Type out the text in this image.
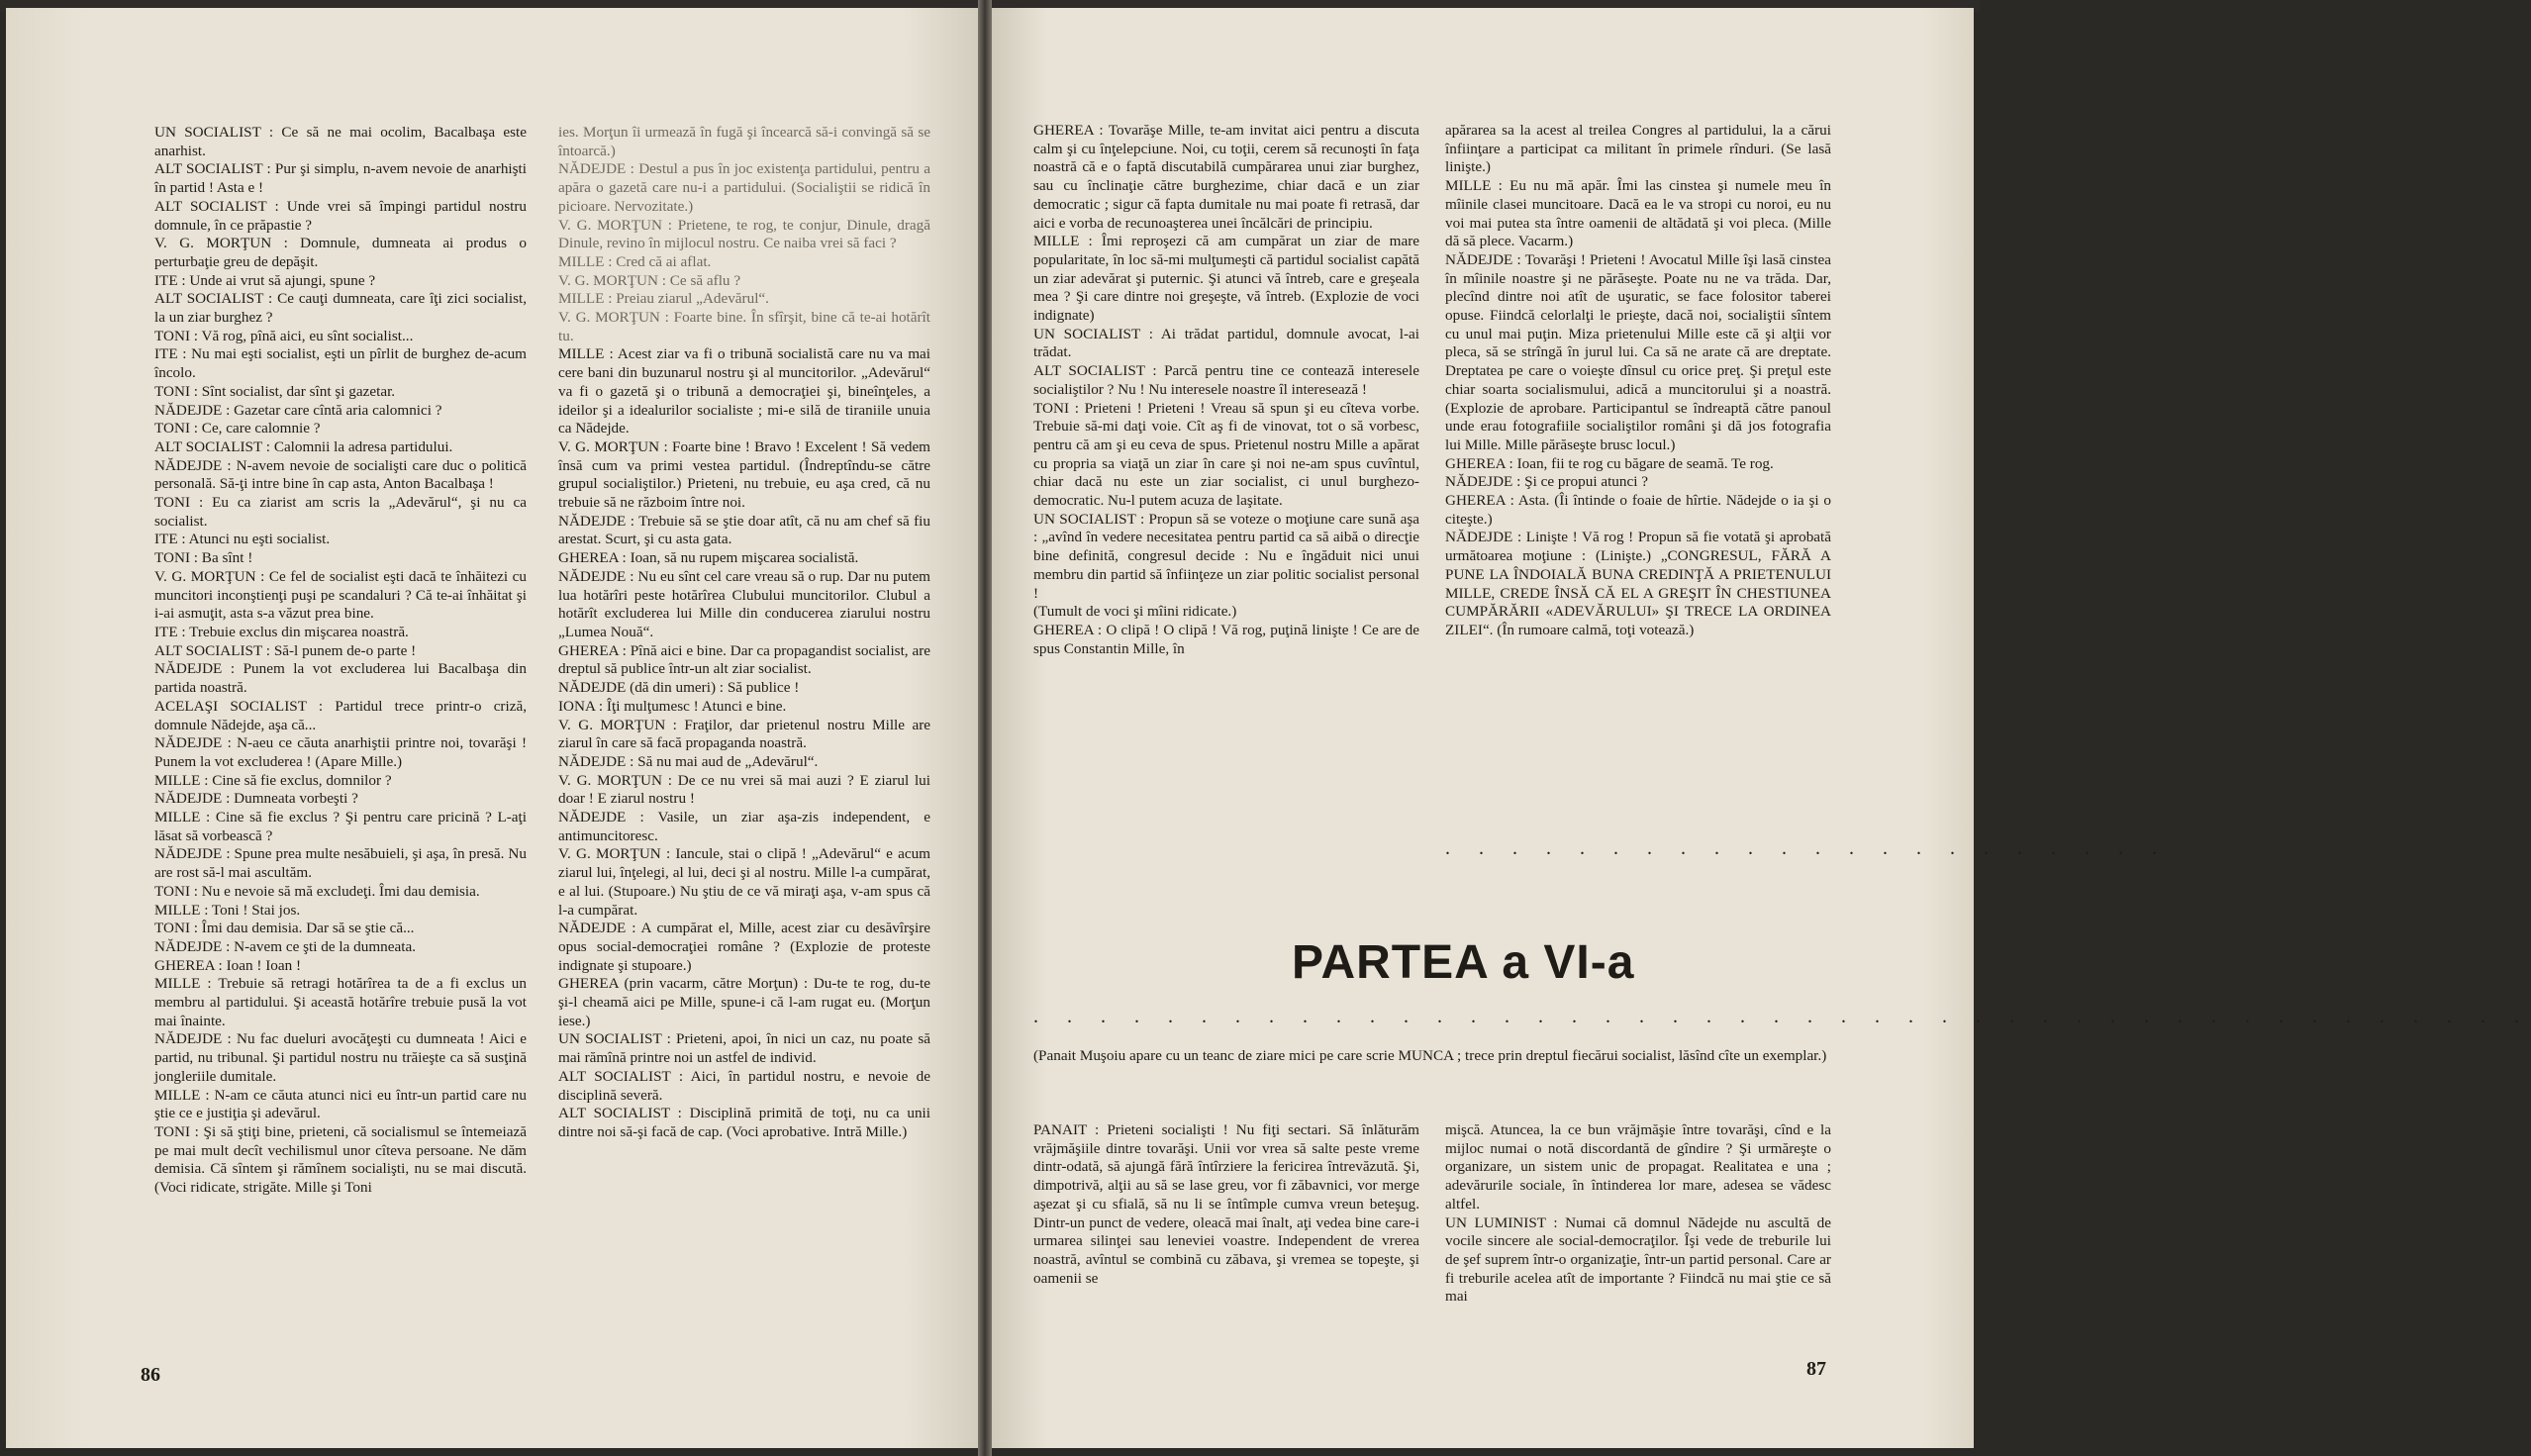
UN SOCIALIST : Ce să ne mai ocolim, Bacalbaşa este anarhist.

ALT SOCIALIST : Pur şi simplu, n-avem nevoie de anarhişti în partid ! Asta e !

ALT SOCIALIST : Unde vrei să împingi partidul nostru domnule, în ce prăpastie ?

V. G. MORŢUN : Domnule, dumneata ai produs o perturbaţie greu de depăşit.

ITE : Unde ai vrut să ajungi, spune ?

ALT SOCIALIST : Ce cauţi dumneata, care îţi zici socialist, la un ziar burghez ?

TONI : Vă rog, pînă aici, eu sînt socialist...

ITE : Nu mai eşti socialist, eşti un pîrlit de burghez de-acum încolo.

TONI : Sînt socialist, dar sînt şi gazetar.

NĂDEJDE : Gazetar care cîntă aria calomnici ?

TONI : Ce, care calomnie ?

ALT SOCIALIST : Calomnii la adresa partidului.

NĂDEJDE : N-avem nevoie de socialişti care duc o politică personală. Să-ţi intre bine în cap asta, Anton Bacalbaşa !

TONI : Eu ca ziarist am scris la „Adevărul“, şi nu ca socialist.

ITE : Atunci nu eşti socialist.

TONI : Ba sînt !

V. G. MORŢUN : Ce fel de socialist eşti dacă te înhăitezi cu muncitori inconştienţi puşi pe scandaluri ? Că te-ai înhăitat şi i-ai asmuţit, asta s-a văzut prea bine.

ITE : Trebuie exclus din mişcarea noastră.

ALT SOCIALIST : Să-l punem de-o parte !

NĂDEJDE : Punem la vot excluderea lui Bacalbaşa din partida noastră.

ACELAŞI SOCIALIST : Partidul trece printr-o criză, domnule Nădejde, aşa că...

NĂDEJDE : N-aeu ce căuta anarhiştii printre noi, tovarăşi ! Punem la vot excluderea ! (Apare Mille.)

MILLE : Cine să fie exclus, domnilor ?

NĂDEJDE : Dumneata vorbeşti ?

MILLE : Cine să fie exclus ? Şi pentru care pricină ? L-aţi lăsat să vorbească ?

NĂDEJDE : Spune prea multe nesăbuieli, şi aşa, în presă. Nu are rost să-l mai ascultăm.

TONI : Nu e nevoie să mă excludeţi. Îmi dau demisia.

MILLE : Toni ! Stai jos.

TONI : Îmi dau demisia. Dar să se ştie că...

NĂDEJDE : N-avem ce şti de la dumneata.

GHEREA : Ioan ! Ioan !

MILLE : Trebuie să retragi hotărîrea ta de a fi exclus un membru al partidului. Şi această hotărîre trebuie pusă la vot mai înainte.

NĂDEJDE : Nu fac dueluri avocăţeşti cu dumneata ! Aici e partid, nu tribunal. Şi partidul nostru nu trăieşte ca să susţină jongleriile dumitale.

MILLE : N-am ce căuta atunci nici eu într-un partid care nu ştie ce e justiţia şi adevărul.

TONI : Şi să ştiţi bine, prieteni, că socialismul se întemeiază pe mai mult decît vechilismul unor cîteva persoane. Ne dăm demisia. Că sîntem şi rămînem socialişti, nu se mai discută. (Voci ridicate, strigăte. Mille şi Toni

ies. Morţun îi urmează în fugă şi încearcă să-i convingă să se întoarcă.)

NĂDEJDE : Destul a pus în joc existenţa partidului, pentru a apăra o gazetă care nu-i a partidului. (Socialiştii se ridică în picioare. Nervozitate.)

V. G. MORŢUN : Prietene, te rog, te conjur, Dinule, dragă Dinule, revino în mijlocul nostru. Ce naiba vrei să faci ?

MILLE : Cred că ai aflat.

V. G. MORŢUN : Ce să aflu ?

MILLE : Preiau ziarul „Adevărul“.

V. G. MORŢUN : Foarte bine. În sfîrşit, bine că te-ai hotărît tu.

MILLE : Acest ziar va fi o tribună socialistă care nu va mai cere bani din buzunarul nostru şi al muncitorilor. „Adevărul“ va fi o gazetă şi o tribună a democraţiei şi, bineînţeles, a ideilor şi a idealurilor socialiste ; mi-e silă de tiraniile unuia ca Nădejde.

V. G. MORŢUN : Foarte bine ! Bravo ! Excelent ! Să vedem însă cum va primi vestea partidul. (Îndreptîndu-se către grupul socialiştilor.) Prieteni, nu trebuie, eu aşa cred, că nu trebuie să ne războim între noi.

NĂDEJDE : Trebuie să se ştie doar atît, că nu am chef să fiu arestat. Scurt, şi cu asta gata.

GHEREA : Ioan, să nu rupem mişcarea socialistă.

NĂDEJDE : Nu eu sînt cel care vreau să o rup. Dar nu putem lua hotărîri peste hotărîrea Clubului muncitorilor. Clubul a hotărît excluderea lui Mille din conducerea ziarului nostru „Lumea Nouă“.

GHEREA : Pînă aici e bine. Dar ca propagandist socialist, are dreptul să publice într-un alt ziar socialist.

NĂDEJDE (dă din umeri) : Să publice !

IONA : Îţi mulţumesc ! Atunci e bine.

V. G. MORŢUN : Fraţilor, dar prietenul nostru Mille are ziarul în care să facă propaganda noastră.

NĂDEJDE : Să nu mai aud de „Adevărul“.

V. G. MORŢUN : De ce nu vrei să mai auzi ? E ziarul lui doar ! E ziarul nostru !

NĂDEJDE : Vasile, un ziar aşa-zis independent, e antimuncitoresc.

V. G. MORŢUN : Iancule, stai o clipă ! „Adevărul“ e acum ziarul lui, înţelegi, al lui, deci şi al nostru. Mille l-a cumpărat, e al lui. (Stupoare.) Nu ştiu de ce vă miraţi aşa, v-am spus că l-a cumpărat.

NĂDEJDE : A cumpărat el, Mille, acest ziar cu desăvîrşire opus social-democraţiei române ? (Explozie de proteste indignate şi stupoare.)

GHEREA (prin vacarm, către Morţun) : Du-te te rog, du-te şi-l cheamă aici pe Mille, spune-i că l-am rugat eu. (Morţun iese.)

UN SOCIALIST : Prieteni, apoi, în nici un caz, nu poate să mai rămînă printre noi un astfel de individ.

ALT SOCIALIST : Aici, în partidul nostru, e nevoie de disciplină severă.

ALT SOCIALIST : Disciplină primită de toţi, nu ca unii dintre noi să-şi facă de cap. (Voci aprobative. Intră Mille.)

86

GHEREA : Tovarăşe Mille, te-am invitat aici pentru a discuta calm şi cu înţelepciune. Noi, cu toţii, cerem să recunoşti în faţa noastră că e o faptă discutabilă cumpărarea unui ziar burghez, sau cu înclinaţie către burghezime, chiar dacă e un ziar democratic ; sigur că fapta dumitale nu mai poate fi retrasă, dar aici e vorba de recunoaşterea unei încălcări de principiu.

MILLE : Îmi reproşezi că am cumpărat un ziar de mare popularitate, în loc să-mi mulţumeşti că partidul socialist capătă un ziar adevărat şi puternic. Şi atunci vă întreb, care e greşeala mea ? Şi care dintre noi greşeşte, vă întreb. (Explozie de voci indignate)

UN SOCIALIST : Ai trădat partidul, domnule avocat, l-ai trădat.

ALT SOCIALIST : Parcă pentru tine ce contează interesele socialiştilor ? Nu ! Nu interesele noastre îl interesează !

TONI : Prieteni ! Prieteni ! Vreau să spun şi eu cîteva vorbe. Trebuie să-mi daţi voie. Cît aş fi de vinovat, tot o să vorbesc, pentru că am şi eu ceva de spus. Prietenul nostru Mille a apărat cu propria sa viaţă un ziar în care şi noi ne-am spus cuvîntul, chiar dacă nu este un ziar socialist, ci unul burghezo-democratic. Nu-l putem acuza de laşitate.

UN SOCIALIST : Propun să se voteze o moţiune care sună aşa : „avînd în vedere necesitatea pentru partid ca să aibă o direcţie bine definită, congresul decide : Nu e îngăduit nici unui membru din partid să înfiinţeze un ziar politic socialist personal !

(Tumult de voci şi mîini ridicate.)

GHEREA : O clipă ! O clipă ! Vă rog, puţină linişte ! Ce are de spus Constantin Mille, în

apărarea sa la acest al treilea Congres al partidului, la a cărui înfiinţare a participat ca militant în primele rînduri. (Se lasă linişte.)

MILLE : Eu nu mă apăr. Îmi las cinstea şi numele meu în mîinile clasei muncitoare. Dacă ea le va stropi cu noroi, eu nu voi mai putea sta între oamenii de altădată şi voi pleca. (Mille dă să plece. Vacarm.)

NĂDEJDE : Tovarăşi ! Prieteni ! Avocatul Mille îşi lasă cinstea în mîinile noastre şi ne părăseşte. Poate nu ne va trăda. Dar, plecînd dintre noi atît de uşuratic, se face folositor taberei opuse. Fiindcă celorlalţi le prieşte, dacă noi, socialiştii sîntem cu unul mai puţin. Miza prietenului Mille este că şi alţii vor pleca, să se strîngă în jurul lui. Ca să ne arate că are dreptate. Dreptatea pe care o voieşte dînsul cu orice preţ. Şi preţul este chiar soarta socialismului, adică a muncitorului şi a noastră. (Explozie de aprobare. Participantul se îndreaptă către panoul unde erau fotografiile socialiştilor români şi dă jos fotografia lui Mille. Mille părăseşte brusc locul.)

GHEREA : Ioan, fii te rog cu băgare de seamă. Te rog.

NĂDEJDE : Şi ce propui atunci ?

GHEREA : Asta. (Îi întinde o foaie de hîrtie. Nădejde o ia şi o citeşte.)

NĂDEJDE : Linişte ! Vă rog ! Propun să fie votată şi aprobată următoarea moţiune : (Linişte.) „CONGRESUL, FĂRĂ A PUNE LA ÎNDOIALĂ BUNA CREDINŢĂ A PRIETENULUI MILLE, CREDE ÎNSĂ CĂ EL A GREŞIT ÎN CHESTIUNEA CUMPĂRĂRII «ADEVĂRULUI» ŞI TRECE LA ORDINEA ZILEI“. (În rumoare calmă, toţi votează.)

. . . . . . . . . . . . . . . . . . . . . .
. . . . . . . . . . . . . . . . . . . . . . . . . . . . . . . . . . . . . . . . . . . . .
(Panait Muşoiu apare cu un teanc de ziare mici pe care scrie MUNCA ; trece prin dreptul fiecărui socialist, lăsînd cîte un exemplar.)

PANAIT : Prieteni socialişti ! Nu fiţi sectari. Să înlăturăm vrăjmăşiile dintre tovarăşi. Unii vor vrea să salte peste vreme dintr-odată, să ajungă fără întîrziere la fericirea întrevăzută. Şi, dimpotrivă, alţii au să se lase greu, vor fi zăbavnici, vor merge aşezat şi cu sfială, să nu li se întîmple cumva vreun beteşug. Dintr-un punct de vedere, oleacă mai înalt, aţi vedea bine care-i urmarea silinţei sau leneviei voastre. Independent de vrerea noastră, avîntul se combină cu zăbava, şi vremea se topeşte, şi oamenii se

mişcă. Atuncea, la ce bun vrăjmăşie între tovarăşi, cînd e la mijloc numai o notă discordantă de gîndire ? Şi urmăreşte o organizare, un sistem unic de propagat. Realitatea e una ; adevărurile sociale, în întinderea lor mare, adesea se vădesc altfel.

UN LUMINIST : Numai că domnul Nădejde nu ascultă de vocile sincere ale social-democraţilor. Îşi vede de treburile lui de şef suprem într-o organizaţie, într-un partid personal. Care ar fi treburile acelea atît de importante ? Fiindcă nu mai ştie ce să mai

87
PARTEA a VI-a
